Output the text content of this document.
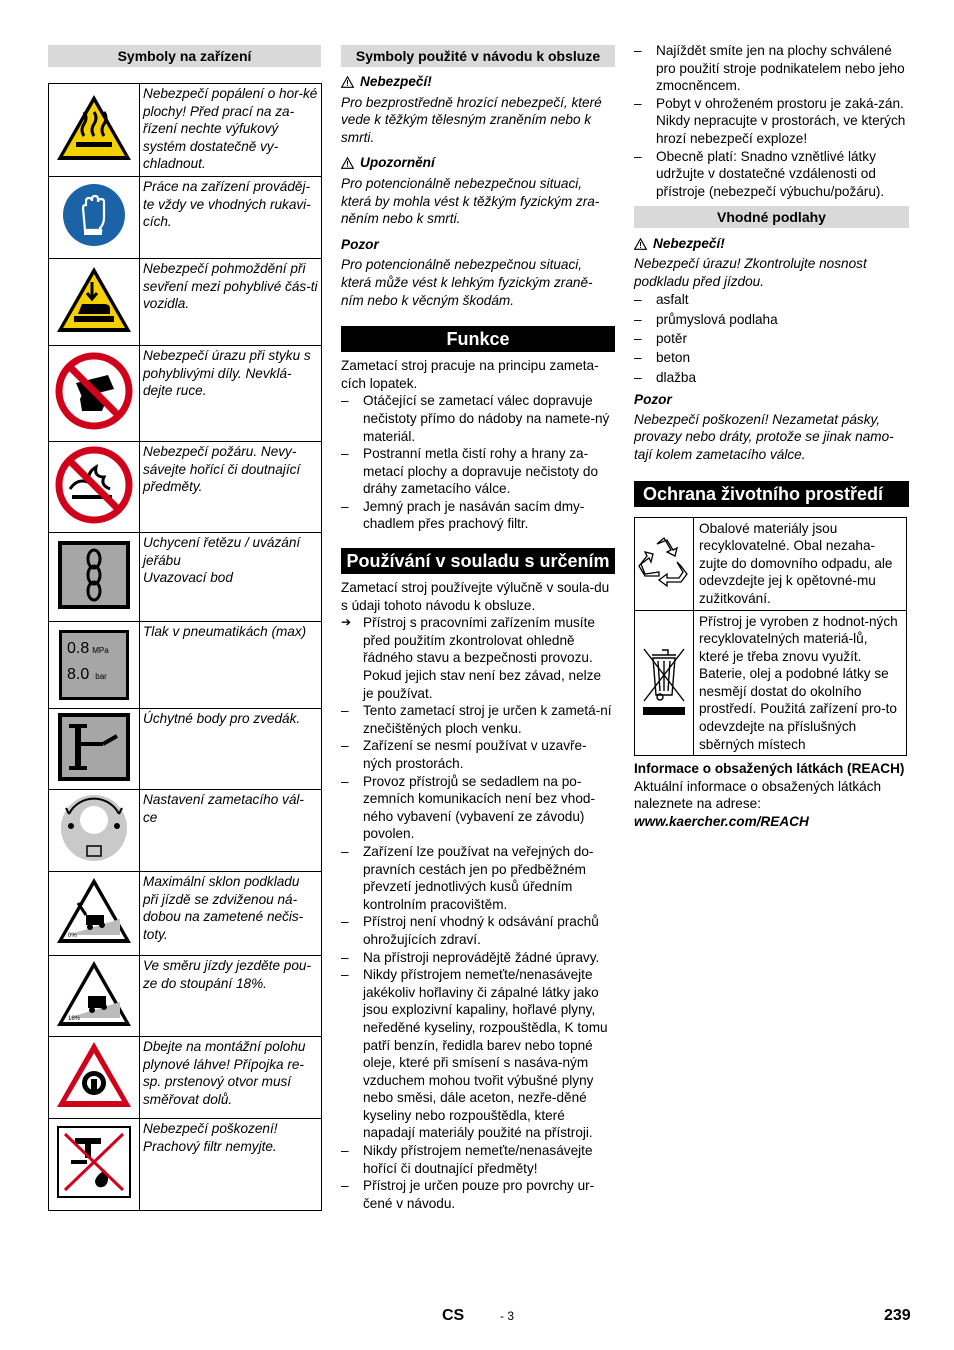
Symboly na zařízení
	Nebezpečí popálení o hor-ké plochy! Před prací na za-řízení nechte výfukový systém dostatečně vy-chladnout.
	Práce na zařízení prováděj-te vždy ve vhodných rukavi-cích.
	Nebezpečí pohmoždění při sevření mezi pohyblivé čás-ti vozidla.
	Nebezpečí úrazu při styku s pohyblivými díly. Nevklá-dejte ruce.
	Nebezpečí požáru. Nevy-sávejte hořící či doutnající předměty.
	Uchycení řetězu / uvázání jeřábu
Uvazovací bod

0.8 MPa
8.0 bar	Tlak v pneumatikách (max)
	Úchytné body pro zvedák.
	Nastavení zametacího vál-ce

0%	Maximální sklon podkladu při jízdě se zdviženou ná-dobou na zametené nečis-toty.

18%	Ve směru jízdy jezděte pou-ze do stoupání 18%.
	Dbejte na montážní polohu plynové láhve! Přípojka re-sp. prstenový otvor musí směřovat dolů.
	Nebezpečí poškození! Prachový filtr nemyjte.
Symboly použité v návodu k obsluze
Nebezpečí!

Pro bezprostředně hrozící nebezpečí, které vede k těžkým tělesným zraněním nebo k smrti.

Upozornění

Pro potencionálně nebezpečnou situaci, která by mohla vést k těžkým fyzickým zra-něním nebo k smrti.

Pozor

Pro potencionálně nebezpečnou situaci, která může vést k lehkým fyzickým zraně-ním nebo k věcným škodám.

Funkce

Zametací stroj pracuje na principu zameta-cích lopatek.

– Otáčející se zametací válec dopravuje nečistoty přímo do nádoby na namete-ný materiál.
– Postranní metla čistí rohy a hrany za-metací plochy a dopravuje nečistoty do dráhy zametacího válce.
– Jemný prach je nasáván sacím dmy-chadlem přes prachový filtr.
Používání v souladu s určením

Zametací stroj používejte výlučně v soula-du s údaji tohoto návodu k obsluze.

➔ Přístroj s pracovními zařízením musíte před použitím zkontrolovat ohledně řádného stavu a bezpečnosti provozu. Pokud jejich stav není bez závad, nelze je používat.
– Tento zametací stroj je určen k zametá-ní znečištěných ploch venku.
– Zařízení se nesmí používat v uzavře-ných prostorách.
– Provoz přístrojů se sedadlem na po-zemních komunikacích není bez vhod-ného vybavení (vybavení ze závodu) povolen.
– Zařízení lze používat na veřejných do-pravních cestách jen po předběžném převzetí jednotlivých kusů úředním kontrolním pracovištěm.
– Přístroj není vhodný k odsávání prachů ohrožujících zdraví.
– Na přístroji neprovádějtě žádné úpravy.
– Nikdy přístrojem nemeťte/nenasávejte jakékoliv hořlaviny či zápalné látky jako jsou explozivní kapaliny, hořlavé plyny, neředěné kyseliny, rozpouštědla, K tomu patří benzín, ředidla barev nebo topné oleje, které při smísení s nasáva-ným vzduchem mohou tvořit výbušné plyny nebo směsi, dále aceton, nezře-děné kyseliny nebo rozpouštědla, které napadají materiály použité na přístroji.
– Nikdy přístrojem nemeťte/nenasávejte hořící či doutnající předměty!
– Přístroj je určen pouze pro povrchy ur-čené v návodu.
– Najíždět smíte jen na plochy schválené pro použití stroje podnikatelem nebo jeho zmocněncem.
– Pobyt v ohroženém prostoru je zaká-zán. Nikdy nepracujte v prostorách, ve kterých hrozí nebezpečí exploze!
– Obecně platí: Snadno vznětlivé látky udržujte v dostatečné vzdálenosti od přístroje (nebezpečí výbuchu/požáru).
Vhodné podlahy
Nebezpečí!

Nebezpečí úrazu! Zkontrolujte nosnost podkladu před jízdou.

– asfalt
– průmyslová podlaha
– potěr
– beton
– dlažba

Pozor

Nebezpečí poškození! Nezametat pásky, provazy nebo dráty, protože se jinak namo-tají kolem zametacího válce.

Ochrana životního prostředí
	Obalové materiály jsou recyklovatelné. Obal nezaha-zujte do domovního odpadu, ale odevzdejte jej k opětovné-mu zužitkování.
	Přístroj je vyroben z hodnot-ných recyklovatelných materiá-lů, které je třeba znovu využít. Baterie, olej a podobné látky se nesmějí dostat do okolního prostředí. Použitá zařízení pro-to odevzdejte na příslušných sběrných místech

Informace o obsažených látkách (REACH)

Aktuální informace o obsažených látkách naleznete na adrese:

www.kaercher.com/REACH

CS	- 3	239
